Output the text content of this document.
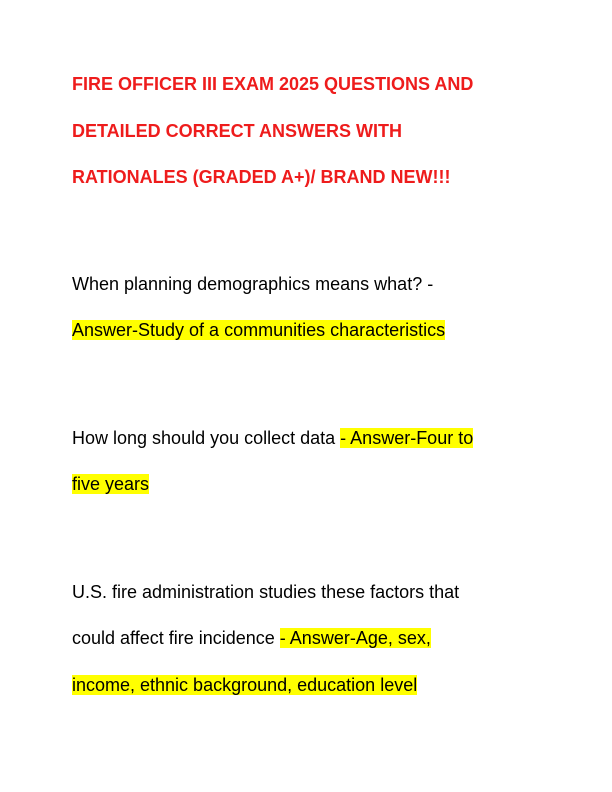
FIRE OFFICER III EXAM 2025 QUESTIONS AND
DETAILED CORRECT ANSWERS WITH
RATIONALES (GRADED A+)/ BRAND NEW!!!
When planning demographics means what? -
Answer-Study of a communities characteristics
How long should you collect data - Answer-Four to
five years
U.S. fire administration studies these factors that
could affect fire incidence - Answer-Age, sex,
income, ethnic background, education level
